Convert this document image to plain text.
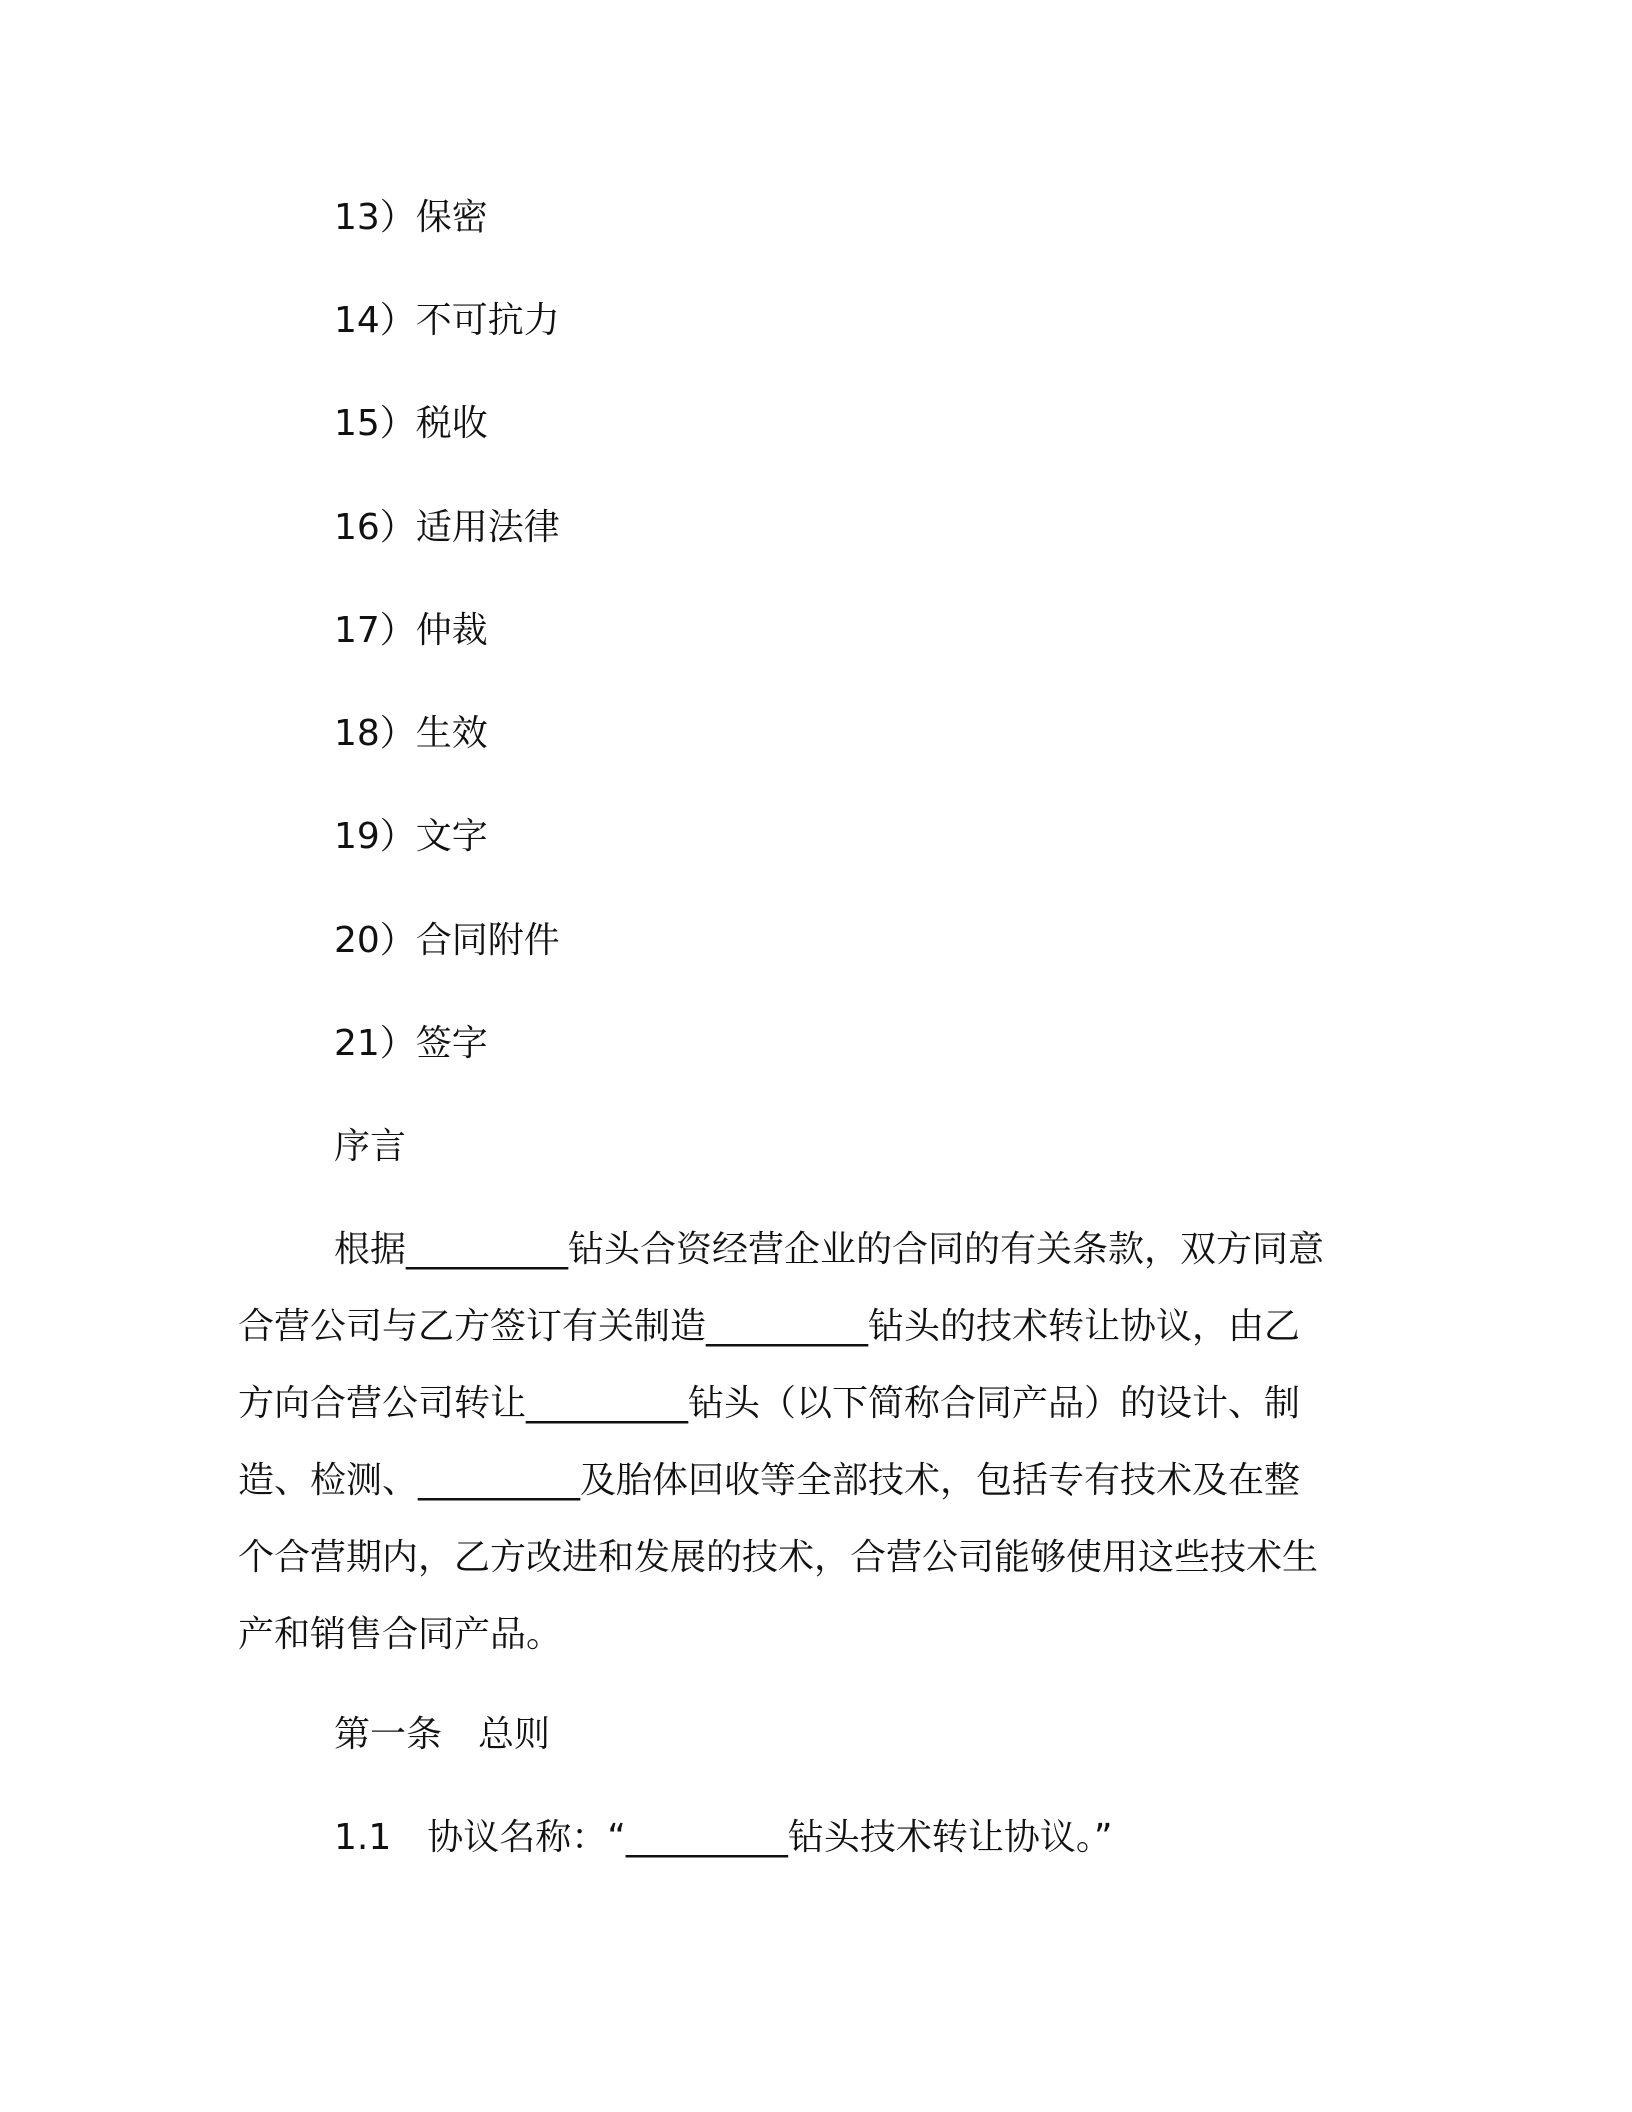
13）保密
14）不可抗力
15）税收
16）适用法律
17）仲裁
18）生效
19）文字
20）合同附件
21）签字
序言
根据_________钻头合资经营企业的合同的有关条款，双方同意
合营公司与乙方签订有关制造_________钻头的技术转让协议，由乙
方向合营公司转让_________钻头（以下简称合同产品）的设计、制
造、检测、_________及胎体回收等全部技术，包括专有技术及在整
个合营期内，乙方改进和发展的技术，合营公司能够使用这些技术生
产和销售合同产品。
第一条　总则
1.1　协议名称：“_________钻头技术转让协议。”
